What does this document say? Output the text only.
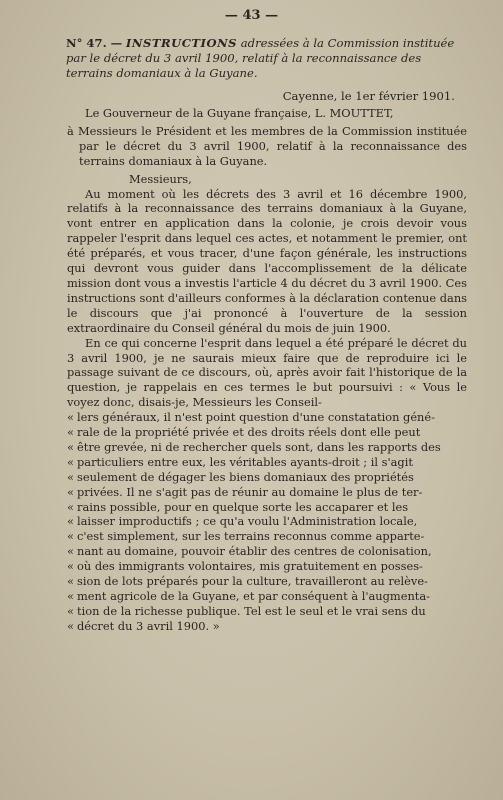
— 43 —
N° 47. — INSTRUCTIONS adressées à la Commission instituée par le décret du 3 avril 1900, relatif à la reconnaissance des terrains domaniaux à la Guyane.
Cayenne, le 1er février 1901.

Le Gouverneur de la Guyane française, L. MOUTTET,

à Messieurs le Président et les membres de la Commission instituée par le décret du 3 avril 1900, relatif à la reconnaissance des terrains domaniaux à la Guyane.

Messieurs,

Au moment où les décrets des 3 avril et 16 décembre 1900, relatifs à la reconnaissance des terrains domaniaux à la Guyane, vont entrer en application dans la colonie, je crois devoir vous rappeler l'esprit dans lequel ces actes, et notamment le premier, ont été préparés, et vous tracer, d'une façon générale, les instructions qui devront vous guider dans l'accomplissement de la délicate mission dont vous a investis l'article 4 du décret du 3 avril 1900. Ces instructions sont d'ailleurs conformes à la déclaration contenue dans le discours que j'ai prononcé à l'ouverture de la session extraordinaire du Conseil général du mois de juin 1900.

En ce qui concerne l'esprit dans lequel a été préparé le décret du 3 avril 1900, je ne saurais mieux faire que de reproduire ici le passage suivant de ce discours, où, après avoir fait l'historique de la question, je rappelais en ces termes le but poursuivi : « Vous le voyez donc, disais-je, Messieurs les Conseil-

« lers généraux, il n'est point question d'une constatation géné-
« rale de la propriété privée et des droits réels dont elle peut
« être grevée, ni de rechercher quels sont, dans les rapports des
« particuliers entre eux, les véritables ayants-droit ; il s'agit
« seulement de dégager les biens domaniaux des propriétés
« privées. Il ne s'agit pas de réunir au domaine le plus de ter-
« rains possible, pour en quelque sorte les accaparer et les
« laisser improductifs ; ce qu'a voulu l'Administration locale,
« c'est simplement, sur les terrains reconnus comme apparte-
« nant au domaine, pouvoir établir des centres de colonisation,
« où des immigrants volontaires, mis gratuitement en posses-
« sion de lots préparés pour la culture, travailleront au relève-
« ment agricole de la Guyane, et par conséquent à l'augmenta-
« tion de la richesse publique. Tel est le seul et le vrai sens du
« décret du 3 avril 1900. »
